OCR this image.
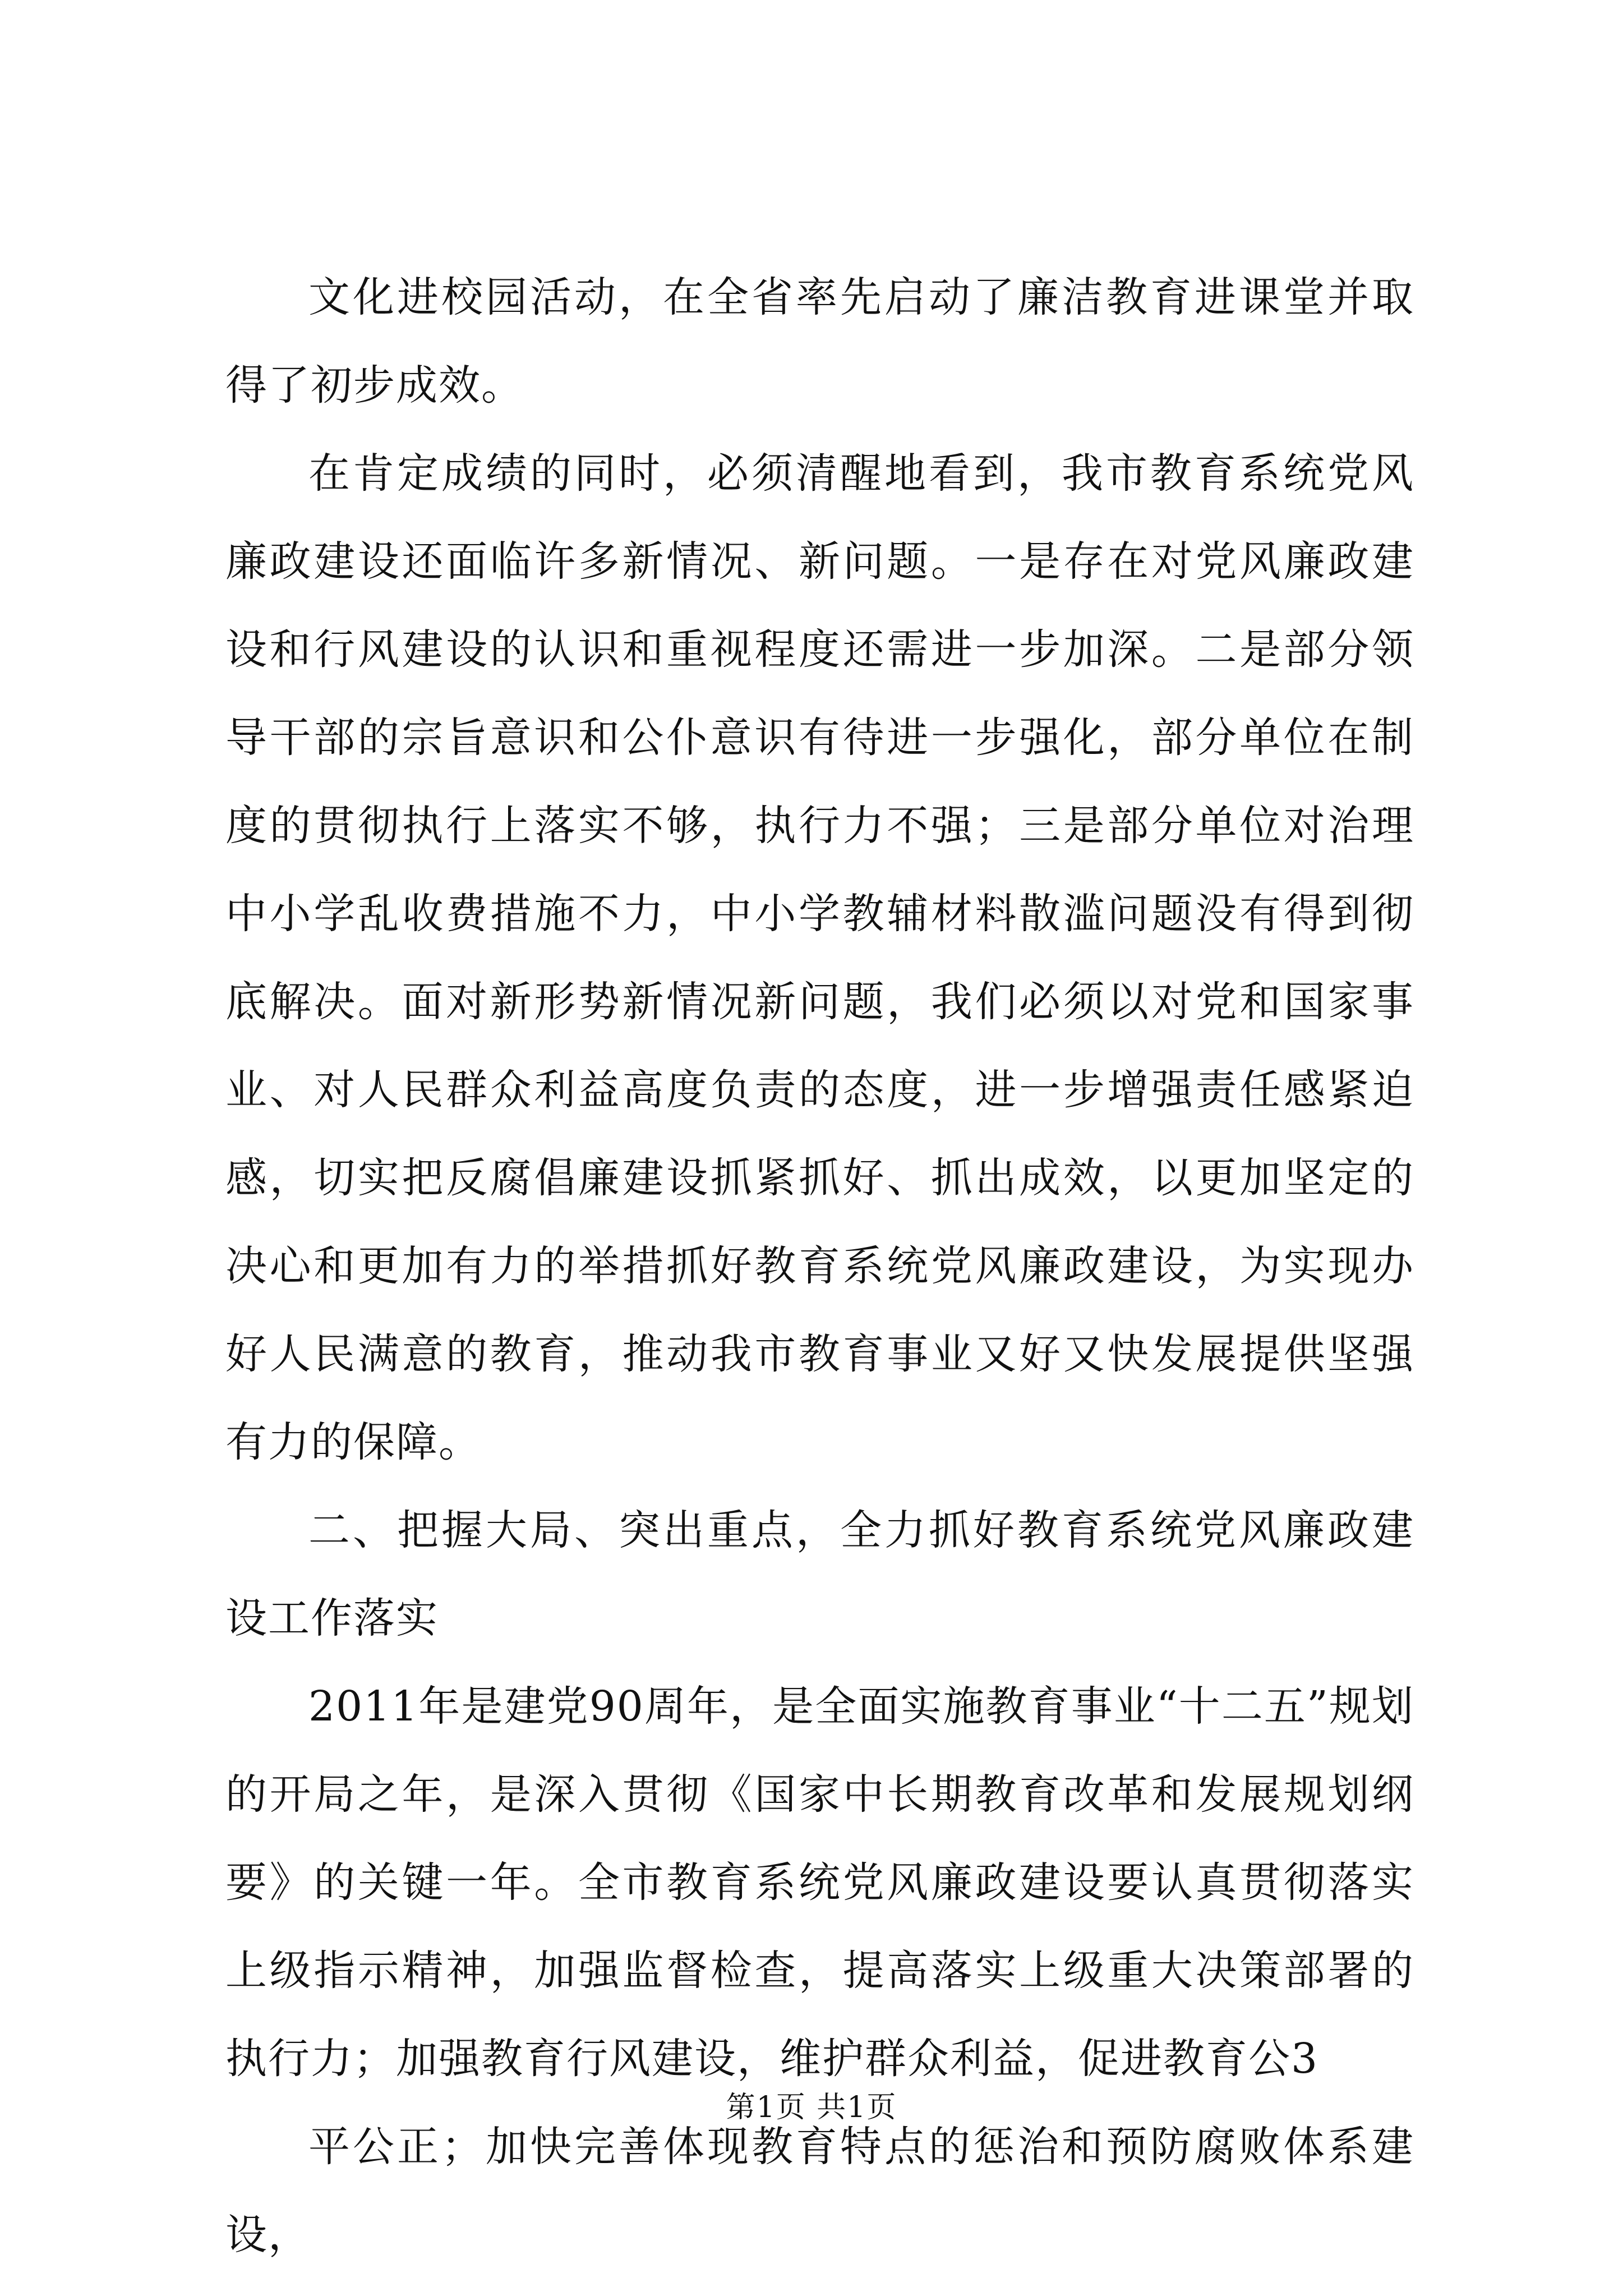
文化进校园活动，在全省率先启动了廉洁教育进课堂并取得了初步成效。

在肯定成绩的同时，必须清醒地看到，我市教育系统党风廉政建设还面临许多新情况、新问题。一是存在对党风廉政建设和行风建设的认识和重视程度还需进一步加深。二是部分领导干部的宗旨意识和公仆意识有待进一步强化，部分单位在制度的贯彻执行上落实不够，执行力不强；三是部分单位对治理中小学乱收费措施不力，中小学教辅材料散滥问题没有得到彻底解决。面对新形势新情况新问题，我们必须以对党和国家事业、对人民群众利益高度负责的态度，进一步增强责任感紧迫感，切实把反腐倡廉建设抓紧抓好、抓出成效，以更加坚定的决心和更加有力的举措抓好教育系统党风廉政建设，为实现办好人民满意的教育，推动我市教育事业又好又快发展提供坚强有力的保障。

二、把握大局、突出重点，全力抓好教育系统党风廉政建设工作落实

2011年是建党90周年，是全面实施教育事业“十二五”规划的开局之年，是深入贯彻《国家中长期教育改革和发展规划纲要》的关键一年。全市教育系统党风廉政建设要认真贯彻落实上级指示精神，加强监督检查，提高落实上级重大决策部署的执行力；加强教育行风建设，维护群众利益，促进教育公3

平公正；加快完善体现教育特点的惩治和预防腐败体系建设，

第1页 共1页
